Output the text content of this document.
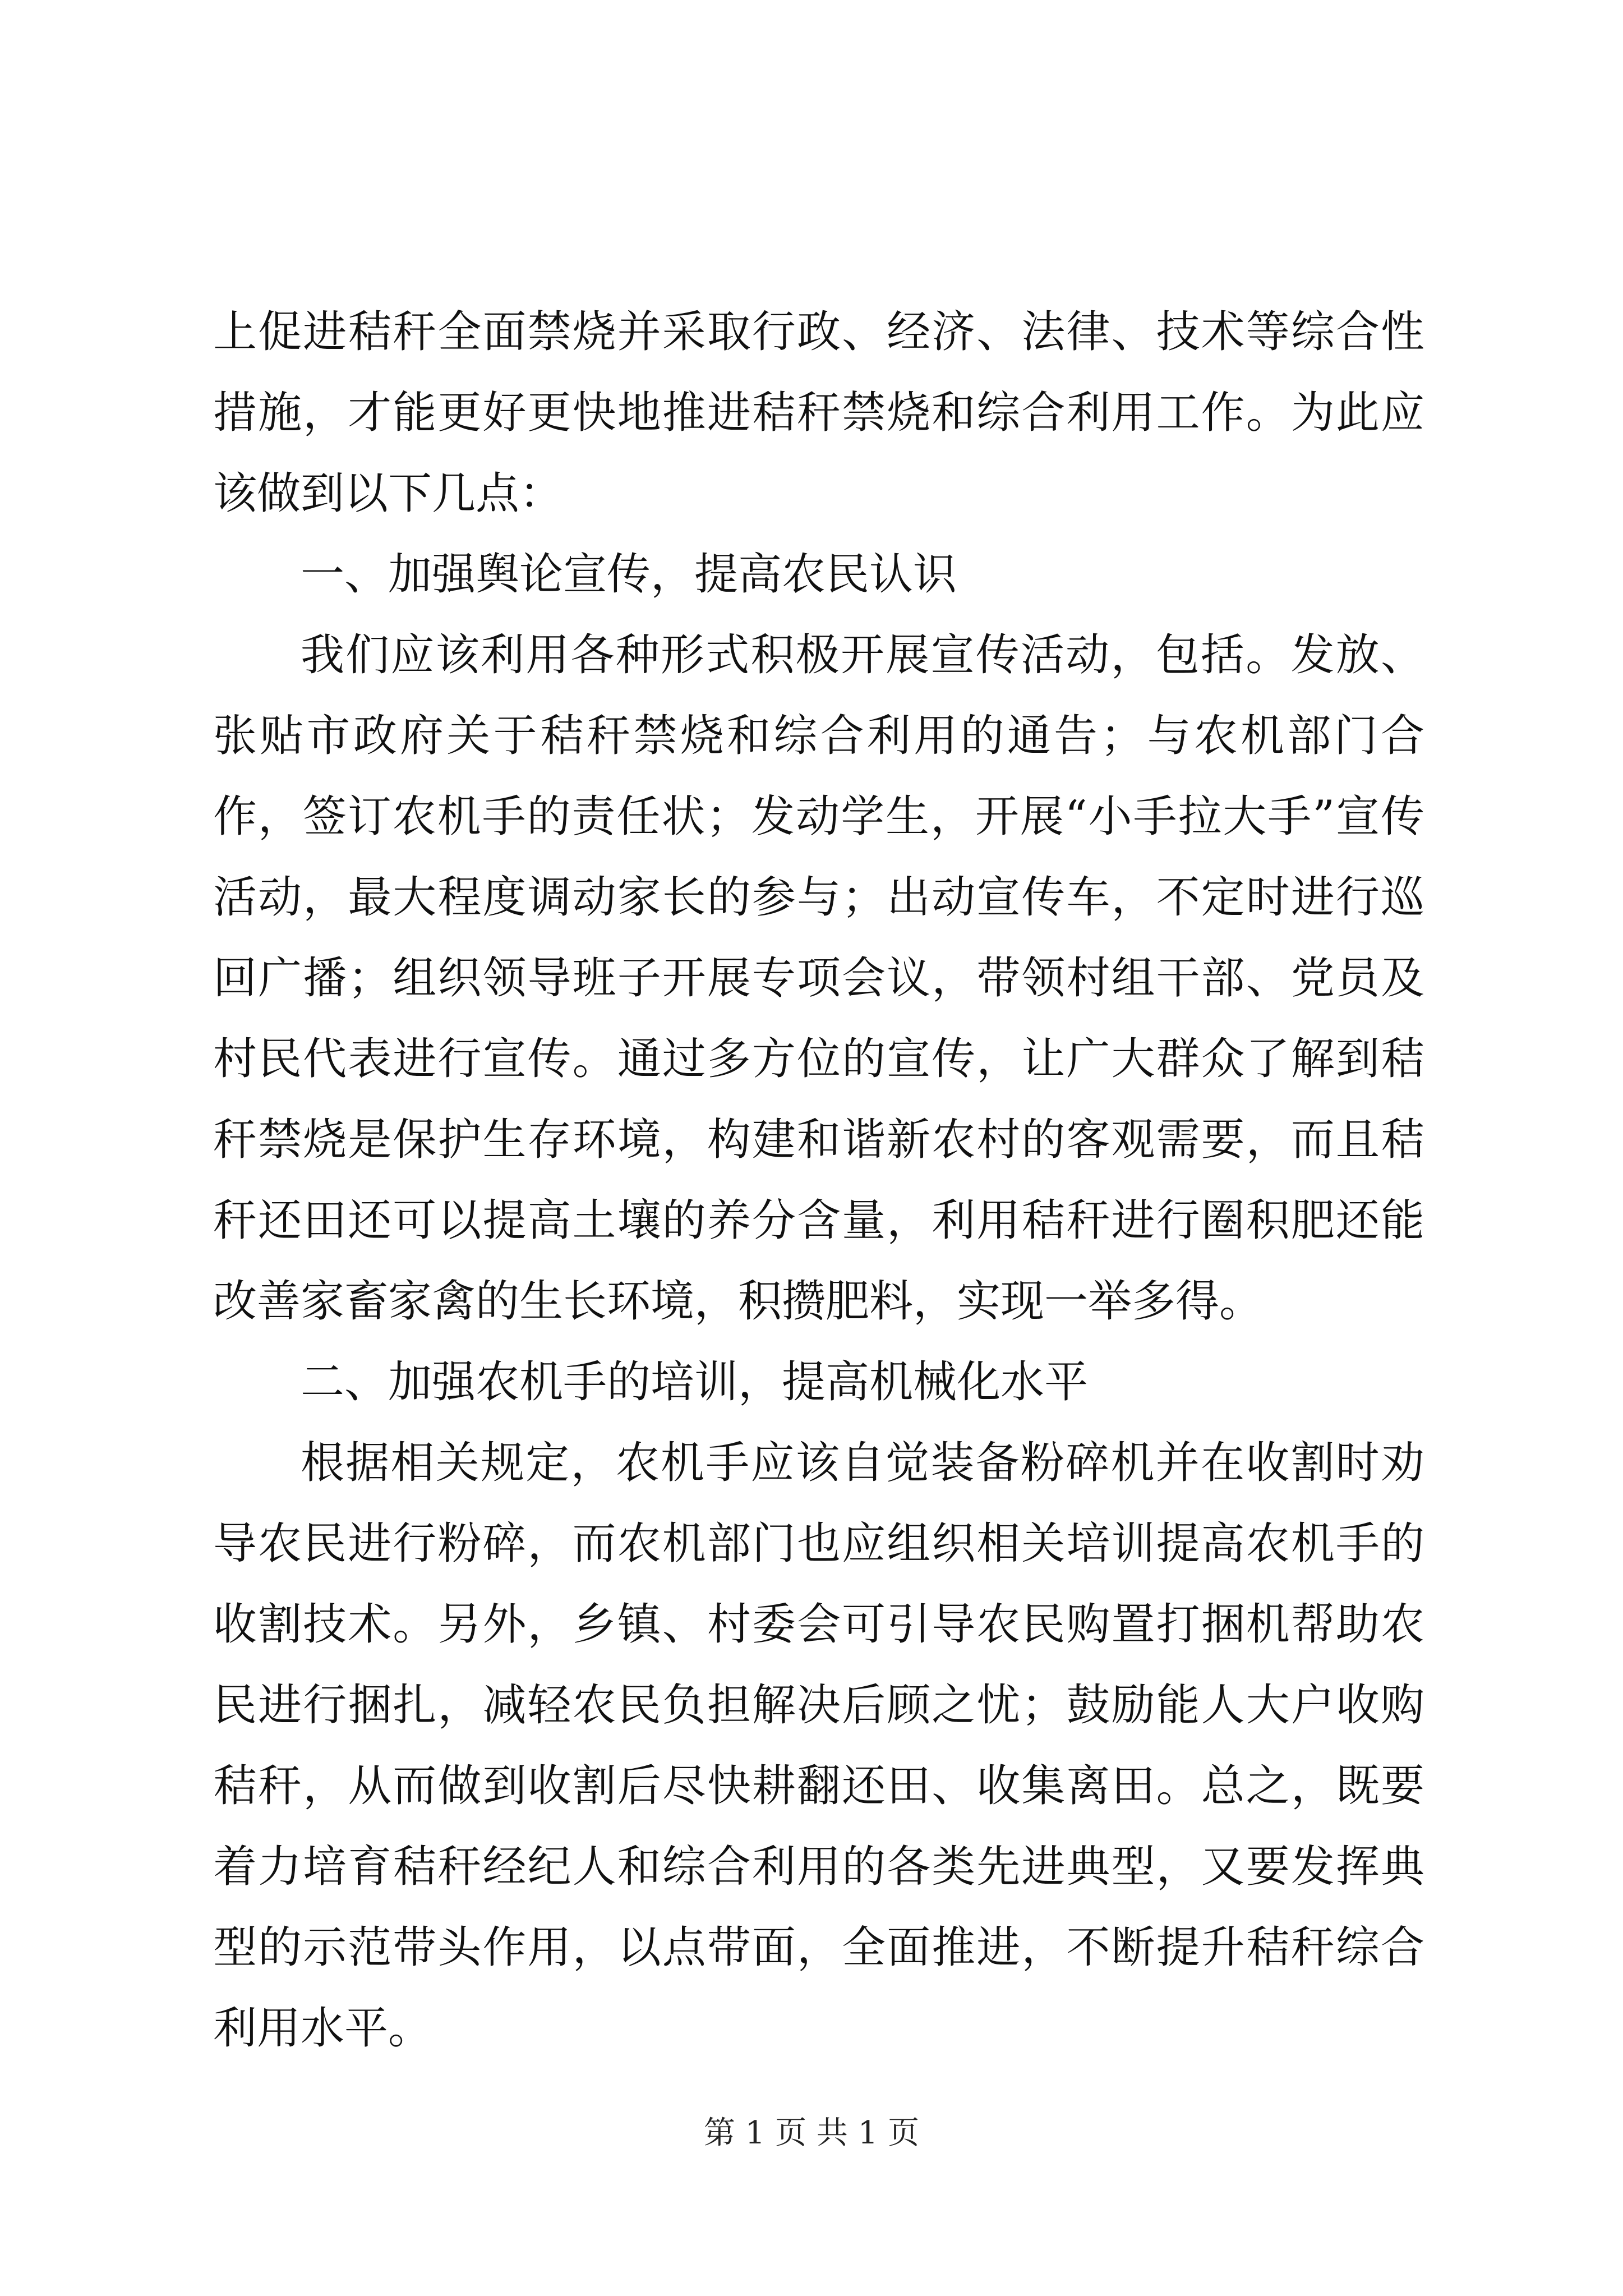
上促进秸秆全面禁烧并采取行政、经济、法律、技术等综合性措施，才能更好更快地推进秸秆禁烧和综合利用工作。为此应该做到以下几点：

一、加强舆论宣传，提高农民认识

我们应该利用各种形式积极开展宣传活动，包括。发放、张贴市政府关于秸秆禁烧和综合利用的通告；与农机部门合作，签订农机手的责任状；发动学生，开展“小手拉大手”宣传活动，最大程度调动家长的参与；出动宣传车，不定时进行巡回广播；组织领导班子开展专项会议，带领村组干部、党员及村民代表进行宣传。通过多方位的宣传，让广大群众了解到秸秆禁烧是保护生存环境，构建和谐新农村的客观需要，而且秸秆还田还可以提高土壤的养分含量，利用秸秆进行圈积肥还能改善家畜家禽的生长环境，积攒肥料，实现一举多得。

二、加强农机手的培训，提高机械化水平

根据相关规定，农机手应该自觉装备粉碎机并在收割时劝导农民进行粉碎，而农机部门也应组织相关培训提高农机手的收割技术。另外，乡镇、村委会可引导农民购置打捆机帮助农民进行捆扎，减轻农民负担解决后顾之忧；鼓励能人大户收购秸秆，从而做到收割后尽快耕翻还田、收集离田。总之，既要着力培育秸秆经纪人和综合利用的各类先进典型，又要发挥典型的示范带头作用，以点带面，全面推进，不断提升秸秆综合利用水平。

第 1 页 共 1 页
